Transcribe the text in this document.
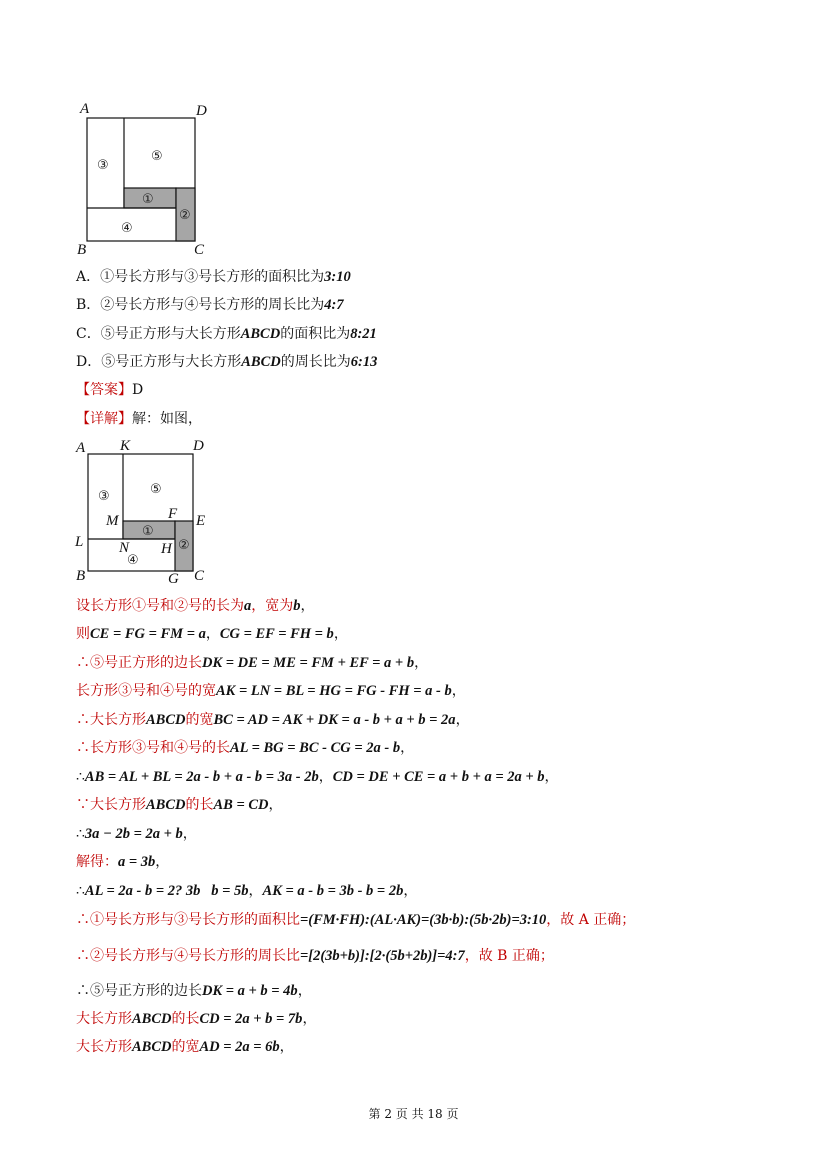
A	D
B	C
③
⑤
①
②
④
A．①号长方形与③号长方形的面积比为3:10
B．②号长方形与④号长方形的周长比为4:7
C．⑤号正方形与大长方形ABCD的面积比为8:21
D．⑤号正方形与大长方形ABCD的周长比为6:13
【答案】D
【详解】解：如图，
A K	D
M	F E
L N H
B	G C
③	⑤
①
②
④
设长方形①号和②号的长为a，宽为b，
则CE = FG = FM = a，CG = EF = FH = b，
∴⑤号正方形的边长DK = DE = ME = FM + EF = a + b，
长方形③号和④号的宽AK = LN = BL = HG = FG - FH = a - b，
∴大长方形ABCD的宽BC = AD = AK + DK = a - b + a + b = 2a，
∴长方形③号和④号的长AL = BG = BC - CG = 2a - b，
∴AB = AL + BL = 2a - b + a - b = 3a - 2b，CD = DE + CE = a + b + a = 2a + b，
∵大长方形ABCD的长AB = CD，
∴3a − 2b = 2a + b，
解得：a = 3b，
∴AL = 2a - b = 2? 3b   b = 5b，AK = a - b = 3b - b = 2b，
∴①号长方形与③号长方形的面积比=(FM·FH):(AL·AK)=(3b·b):(5b·2b)=3:10，故 A 正确；
∴②号长方形与④号长方形的周长比=[2(3b+b)]:[2·(5b+2b)]=4:7，故 B 正确；
∴⑤号正方形的边长DK = a + b = 4b，
大长方形ABCD的长CD = 2a + b = 7b，
大长方形ABCD的宽AD = 2a = 6b，
第 2 页 共 18 页
